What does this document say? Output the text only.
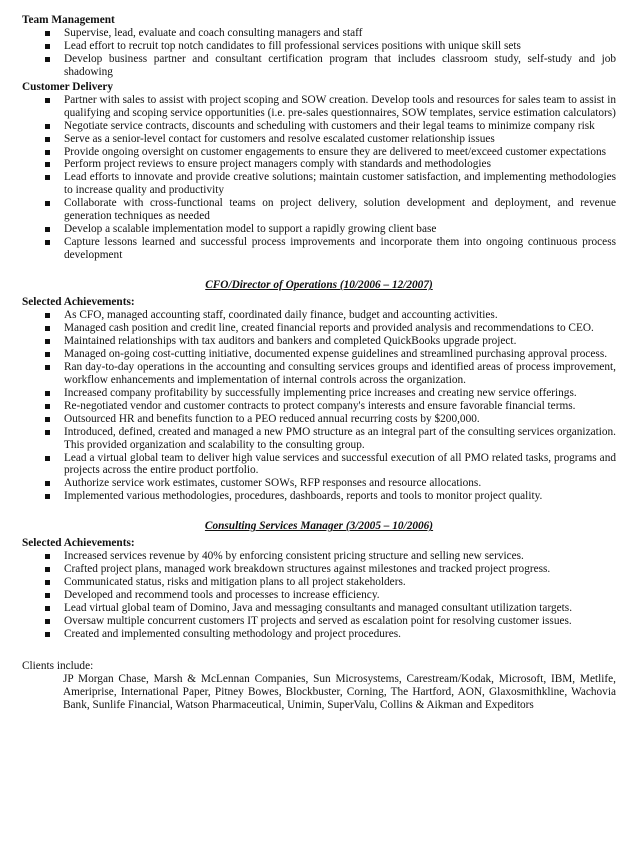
Team Management

Supervise, lead, evaluate and coach consulting managers and staff
Lead effort to recruit top notch candidates to fill professional services positions with unique skill sets
Develop business partner and consultant certification program that includes classroom study, self-study and job shadowing

Customer Delivery

Partner with sales to assist with project scoping and SOW creation. Develop tools and resources for sales team to assist in qualifying and scoping service opportunities (i.e. pre-sales questionnaires, SOW templates, service estimation calculators)
Negotiate service contracts, discounts and scheduling with customers and their legal teams to minimize company risk
Serve as a senior-level contact for customers and resolve escalated customer relationship issues
Provide ongoing oversight on customer engagements to ensure they are delivered to meet/exceed customer expectations
Perform project reviews to ensure project managers comply with standards and methodologies
Lead efforts to innovate and provide creative solutions; maintain customer satisfaction, and implementing methodologies to increase quality and productivity
Collaborate with cross-functional teams on project delivery, solution development and deployment, and revenue generation techniques as needed
Develop a scalable implementation model to support a rapidly growing client base
Capture lessons learned and successful process improvements and incorporate them into ongoing continuous process development

CFO/Director of Operations (10/2006 – 12/2007)

Selected Achievements:

As CFO, managed accounting staff, coordinated daily finance, budget and accounting activities.
Managed cash position and credit line, created financial reports and provided analysis and recommendations to CEO.
Maintained relationships with tax auditors and bankers and completed QuickBooks upgrade project.
Managed on-going cost-cutting initiative, documented expense guidelines and streamlined purchasing approval process.
Ran day-to-day operations in the accounting and consulting services groups and identified areas of process improvement, workflow enhancements and implementation of internal controls across the organization.
Increased company profitability by successfully implementing price increases and creating new service offerings.
Re-negotiated vendor and customer contracts to protect company's interests and ensure favorable financial terms.
Outsourced HR and benefits function to a PEO reduced annual recurring costs by $200,000.
Introduced, defined, created and managed a new PMO structure as an integral part of the consulting services organization. This provided organization and scalability to the consulting group.
Lead a virtual global team to deliver high value services and successful execution of all PMO related tasks, programs and projects across the entire product portfolio.
Authorize service work estimates, customer SOWs, RFP responses and resource allocations.
Implemented various methodologies, procedures, dashboards, reports and tools to monitor project quality.

Consulting Services Manager (3/2005 – 10/2006)

Selected Achievements:

Increased services revenue by 40% by enforcing consistent pricing structure and selling new services.
Crafted project plans, managed work breakdown structures against milestones and tracked project progress.
Communicated status, risks and mitigation plans to all project stakeholders.
Developed and recommend tools and processes to increase efficiency.
Lead virtual global team of Domino, Java and messaging consultants and managed consultant utilization targets.
Oversaw multiple concurrent customers IT projects and served as escalation point for resolving customer issues.
Created and implemented consulting methodology and project procedures.

Clients include:

JP Morgan Chase, Marsh & McLennan Companies, Sun Microsystems, Carestream/Kodak, Microsoft, IBM, Metlife, Ameriprise, International Paper, Pitney Bowes, Blockbuster, Corning, The Hartford, AON, Glaxosmithkline, Wachovia Bank, Sunlife Financial, Watson Pharmaceutical, Unimin, SuperValu, Collins & Aikman and Expeditors
